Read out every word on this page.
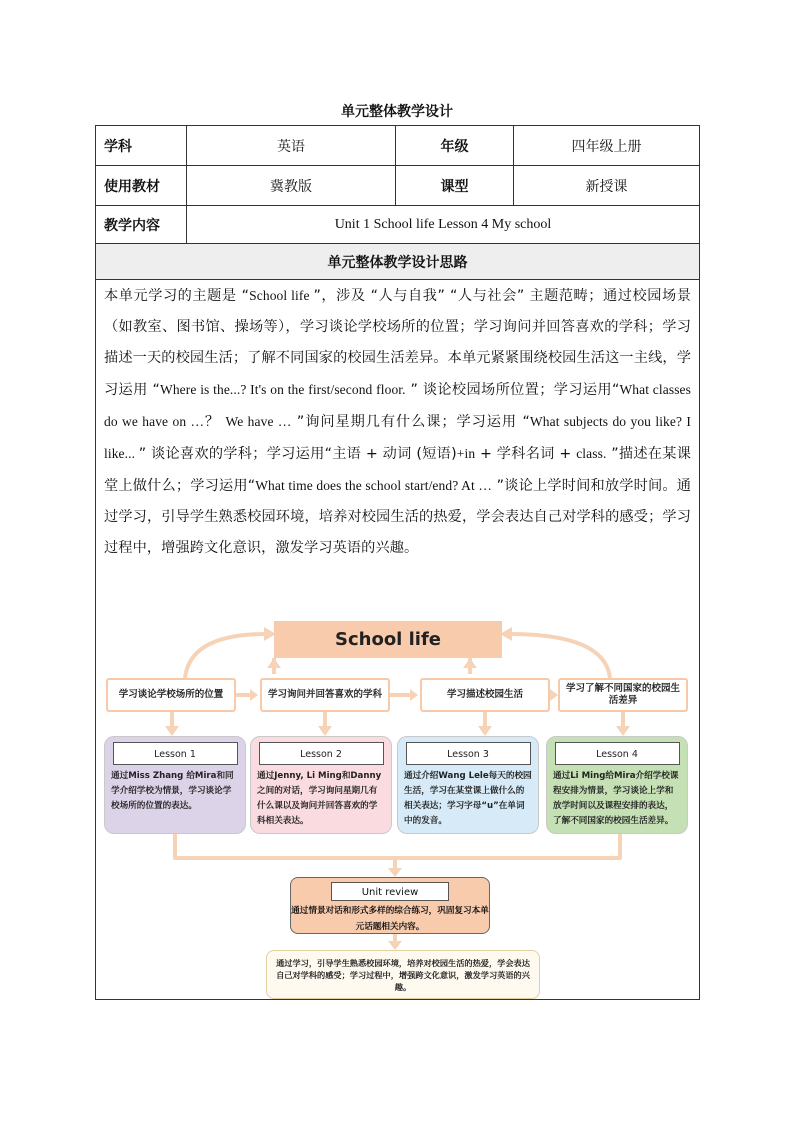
单元整体教学设计
学科	英语	年级	四年级上册
使用教材	冀教版	课型	新授课
教学内容	Unit 1 School life Lesson 4 My school		
单元整体教学设计思路			

本单元学习的主题是 “School life ”，涉及 “人与自我” “人与社会” 主题范畴；通过校园场景（如教室、图书馆、操场等），学习谈论学校场所的位置；学习询问并回答喜欢的学科；学习描述一天的校园生活；了解不同国家的校园生活差异。本单元紧紧围绕校园生活这一主线，学习运用 “Where is the...? It's on the first/second floor. ” 谈论校园场所位置；学习运用“What classes do we have on …？ We have … ”询问星期几有什么课；学习运用 “What subjects do you like? I like... ” 谈论喜欢的学科；学习运用“主语 + 动词 (短语)+in + 学科名词 + class. ”描述在某课堂上做什么；学习运用“What time does the school start/end? At … ”谈论上学时间和放学时间。通过学习，引导学生熟悉校园环境，培养对校园生活的热爱，学会表达自己对学科的感受；学习过程中，增强跨文化意识，激发学习英语的兴趣。			

School life
学习谈论学校场所的位置	学习询问并回答喜欢的学科	学习描述校园生活
学习了解不同国家的校园生活差异
Lesson 1
通过Miss Zhang 给Mira和同学介绍学校为情景，学习谈论学校场所的位置的表达。
Lesson 2
通过Jenny, Li Ming和Danny之间的对话，学习询问星期几有什么课以及询问并回答喜欢的学科相关表达。
Lesson 3
通过介绍Wang Lele每天的校园生活，学习在某堂课上做什么的相关表达；学习字母“u”在单词中的发音。
Lesson 4
通过Li Ming给Mira介绍学校课程安排为情景，学习谈论上学和放学时间以及课程安排的表达，了解不同国家的校园生活差异。
Unit review
通过情景对话和形式多样的综合练习，巩固复习本单元话题相关内容。
通过学习，引导学生熟悉校园环境，培养对校园生活的热爱，学会表达自己对学科的感受；学习过程中，增强跨文化意识，激发学习英语的兴趣。
